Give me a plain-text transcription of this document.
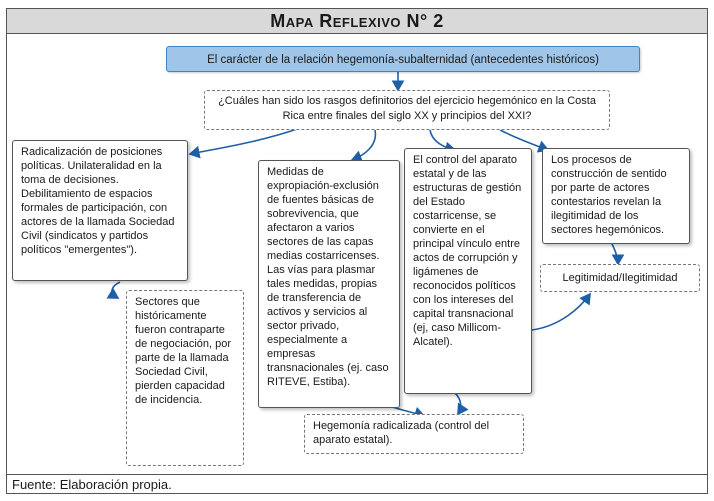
Mapa Reflexivo N° 2
El carácter de la relación hegemonía-subalternidad (antecedentes históricos)
¿Cuáles han sido los rasgos definitorios del ejercicio hegemónico en la Costa Rica entre finales del siglo XX y principios del XXI?
Radicalización de posiciones políticas. Unilateralidad en la toma de decisiones. Debilitamiento de espacios formales de participación, con actores de la llamada Sociedad Civil (sindicatos y partidos políticos "emergentes").
Sectores que históricamente fueron contraparte de negociación, por parte de la llamada Sociedad Civil, pierden capacidad de incidencia.
Medidas de expropiación-exclusión de fuentes básicas de sobrevivencia, que afectaron a varios sectores de las capas medias costarricenses. Las vías para plasmar tales medidas, propias de transferencia de activos y servicios al sector privado, especialmente a empresas transnacionales (ej. caso RITEVE, Estiba).
El control del aparato estatal y de las estructuras de gestión del Estado costarricense, se convierte en el principal vínculo entre actos de corrupción y ligámenes de reconocidos políticos con los intereses del capital transnacional (ej, caso Millicom-Alcatel).
Los procesos de construcción de sentido por parte de actores contestarios revelan la ilegitimidad de los sectores hegemónicos.
Legitimidad/Ilegitimidad
Hegemonía radicalizada (control del aparato estatal).
Fuente: Elaboración propia.
